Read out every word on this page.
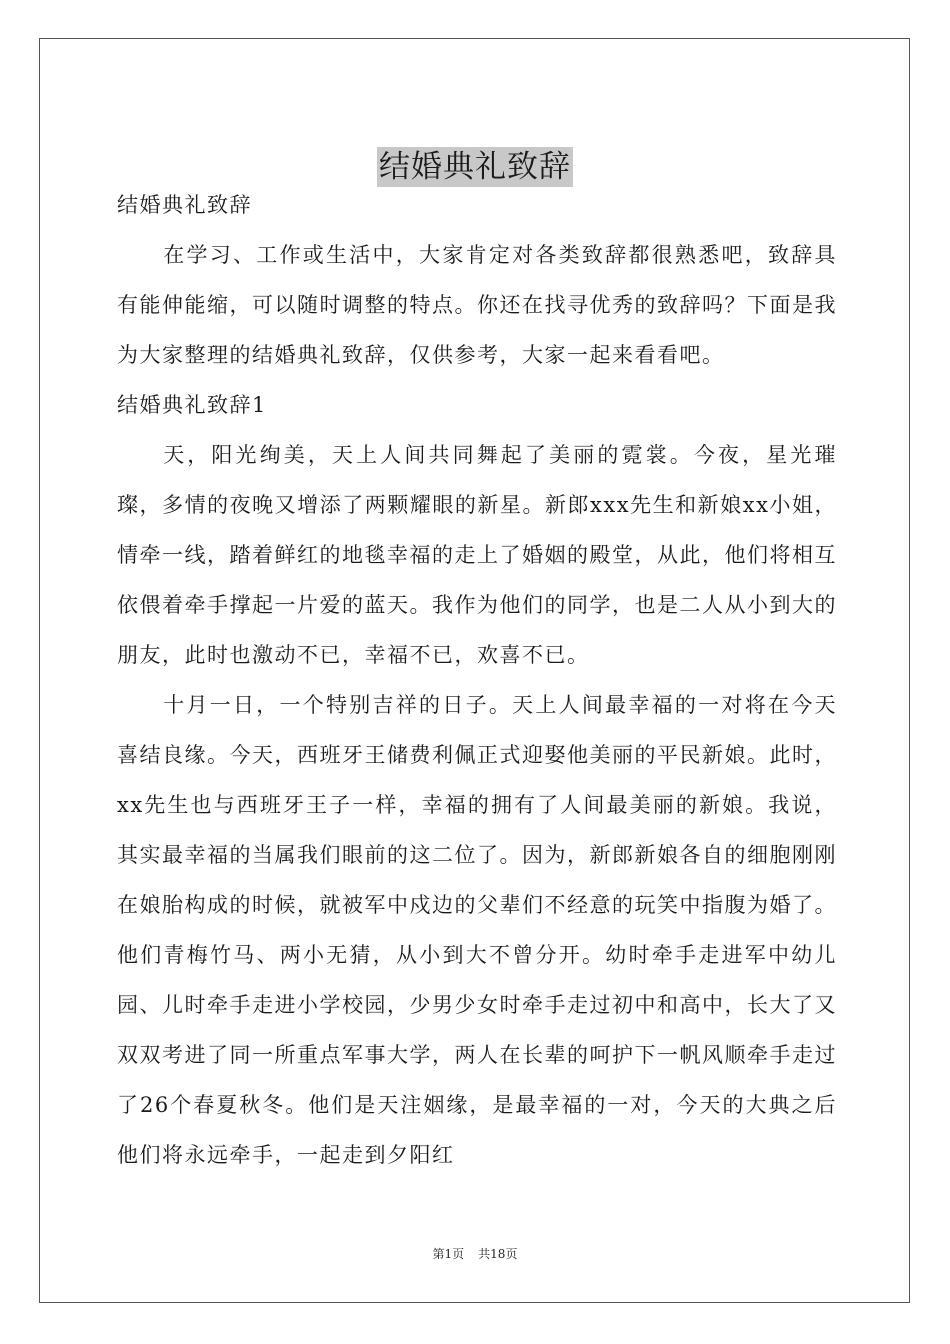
结婚典礼致辞

结婚典礼致辞

在学习、工作或生活中，大家肯定对各类致辞都很熟悉吧，致辞具有能伸能缩，可以随时调整的特点。你还在找寻优秀的致辞吗？下面是我为大家整理的结婚典礼致辞，仅供参考，大家一起来看看吧。

结婚典礼致辞1

天，阳光绚美，天上人间共同舞起了美丽的霓裳。今夜，星光璀璨，多情的夜晚又增添了两颗耀眼的新星。新郎xxx先生和新娘xx小姐，情牵一线，踏着鲜红的地毯幸福的走上了婚姻的殿堂，从此，他们将相互依偎着牵手撑起一片爱的蓝天。我作为他们的同学，也是二人从小到大的朋友，此时也激动不已，幸福不已，欢喜不已。

十月一日，一个特别吉祥的日子。天上人间最幸福的一对将在今天喜结良缘。今天，西班牙王储费利佩正式迎娶他美丽的平民新娘。此时，xx先生也与西班牙王子一样，幸福的拥有了人间最美丽的新娘。我说，其实最幸福的当属我们眼前的这二位了。因为，新郎新娘各自的细胞刚刚在娘胎构成的时候，就被军中戍边的父辈们不经意的玩笑中指腹为婚了。他们青梅竹马、两小无猜，从小到大不曾分开。幼时牵手走进军中幼儿园、儿时牵手走进小学校园，少男少女时牵手走过初中和高中，长大了又双双考进了同一所重点军事大学，两人在长辈的呵护下一帆风顺牵手走过了26个春夏秋冬。他们是天注姻缘，是最幸福的一对，今天的大典之后他们将永远牵手，一起走到夕阳红

第1页 共18页
